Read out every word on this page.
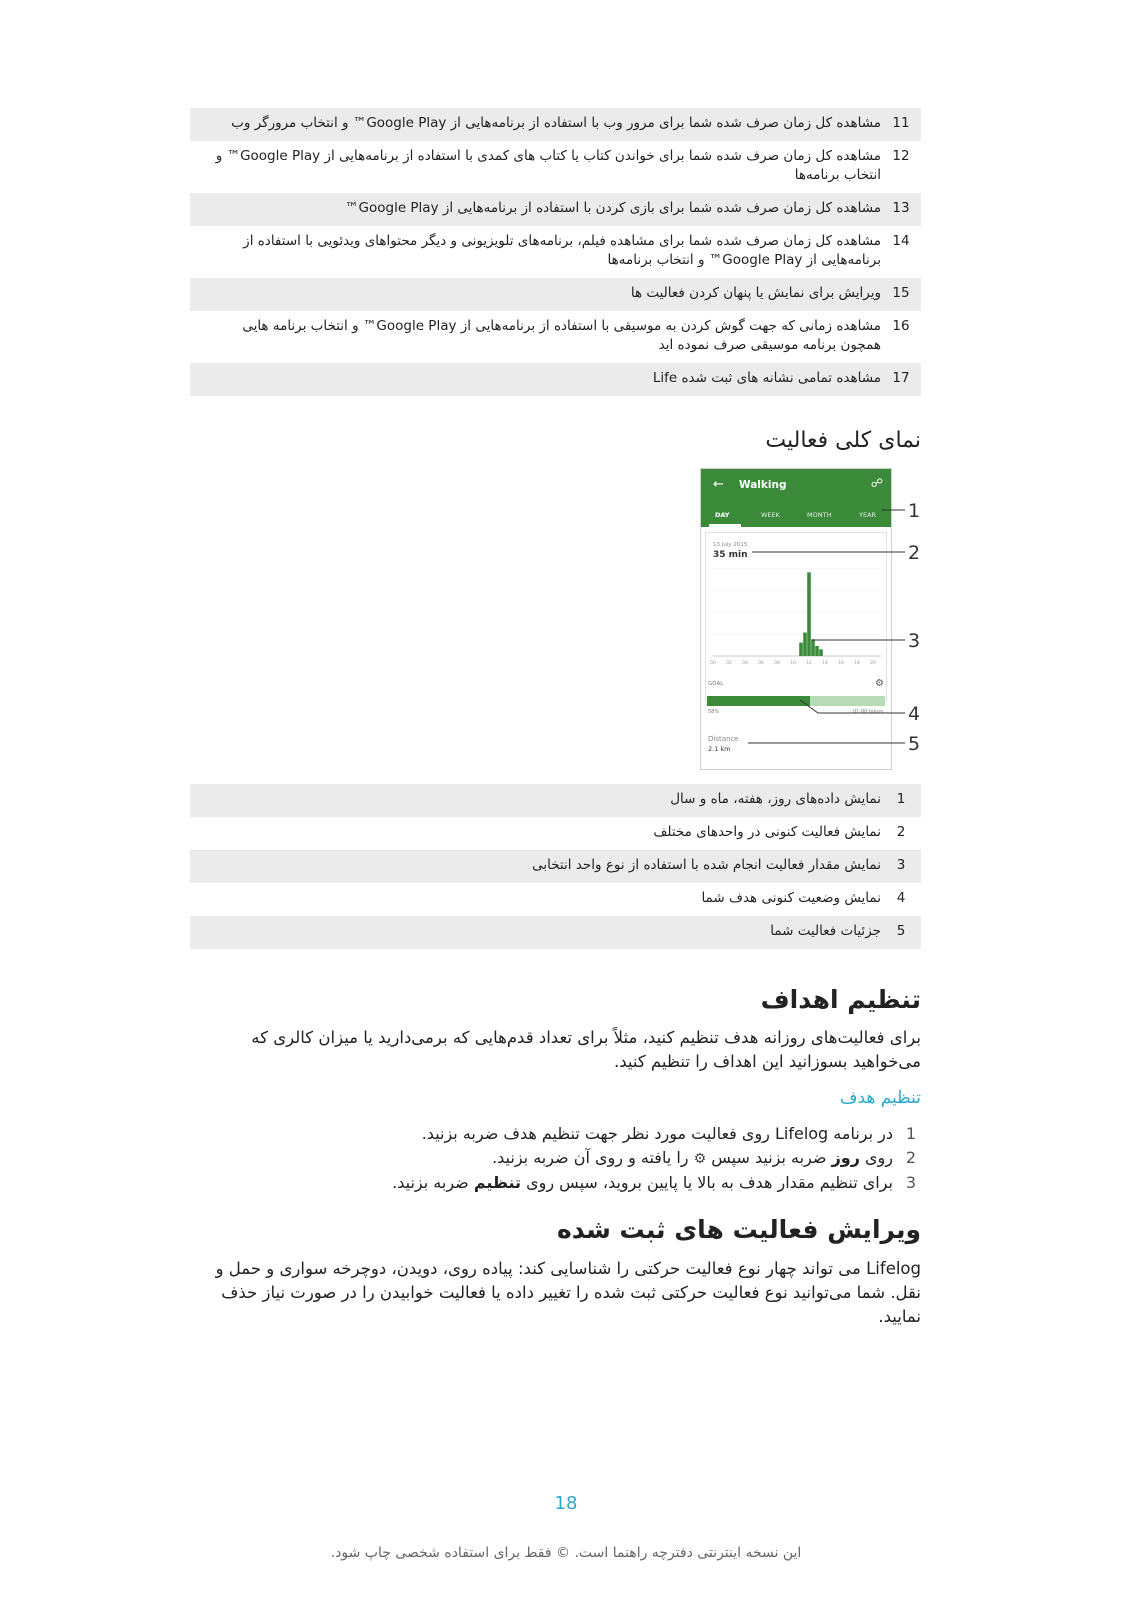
11	مشاهده کل زمان صرف شده شما برای مرور وب با استفاده از برنامه‌هایی از Google Play™ و انتخاب مرورگر وب
12	مشاهده کل زمان صرف شده شما برای خواندن کتاب یا کتاب های کمدی با استفاده از برنامه‌هایی از Google Play™ و انتخاب برنامه‌ها
13	مشاهده کل زمان صرف شده شما برای بازی کردن با استفاده از برنامه‌هایی از Google Play™
14	مشاهده کل زمان صرف شده شما برای مشاهده فیلم، برنامه‌های تلویزیونی و دیگر محتواهای ویدئویی با استفاده از برنامه‌هایی از Google Play™ و انتخاب برنامه‌ها
15	ویرایش برای نمایش یا پنهان کردن فعالیت ها
16	مشاهده زمانی که جهت گوش کردن به موسیقی با استفاده از برنامه‌هایی از Google Play™ و انتخاب برنامه هایی همچون برنامه موسیقی صرف نموده اید
17	مشاهده تمامی نشانه های ثبت شده Life
نمای کلی فعالیت
← Walking	☍
DAY	WEEK	MONTH	YEAR
13 July 2015
35 min
00 02 04 06 08 10 12 14 16 18 20
GOAL	⚙
58%	01:00 hours
Distance
2.1 km
1
2
3
4
5
1	نمایش داده‌های روز، هفته، ماه و سال
2	نمایش فعالیت کنونی در واحدهای مختلف
3	نمایش مقدار فعالیت انجام شده با استفاده از نوع واحد انتخابی
4	نمایش وضعیت کنونی هدف شما
5	جزئیات فعالیت شما
تنظیم اهداف

برای فعالیت‌های روزانه هدف تنظیم کنید، مثلاً برای تعداد قدم‌هایی که برمی‌دارید یا میزان کالری که می‌خواهید بسوزانید این اهداف را تنظیم کنید.

تنظیم هدف
1
در برنامه Lifelog روی فعالیت مورد نظر جهت تنظیم هدف ضربه بزنید.
2
روی روز ضربه بزنید سپس ⚙ را یافته و روی آن ضربه بزنید.
3
برای تنظیم مقدار هدف به بالا یا پایین بروید، سپس روی تنظیم ضربه بزنید.
ویرایش فعالیت های ثبت شده

Lifelog می تواند چهار نوع فعالیت حرکتی را شناسایی کند: پیاده روی، دویدن، دوچرخه سواری و حمل و نقل. شما می‌توانید نوع فعالیت حرکتی ثبت شده را تغییر داده یا فعالیت خوابیدن را در صورت نیاز حذف نمایید.

18
این نسخه اینترنتی دفترچه راهنما است. © فقط برای استفاده شخصی چاپ شود.
